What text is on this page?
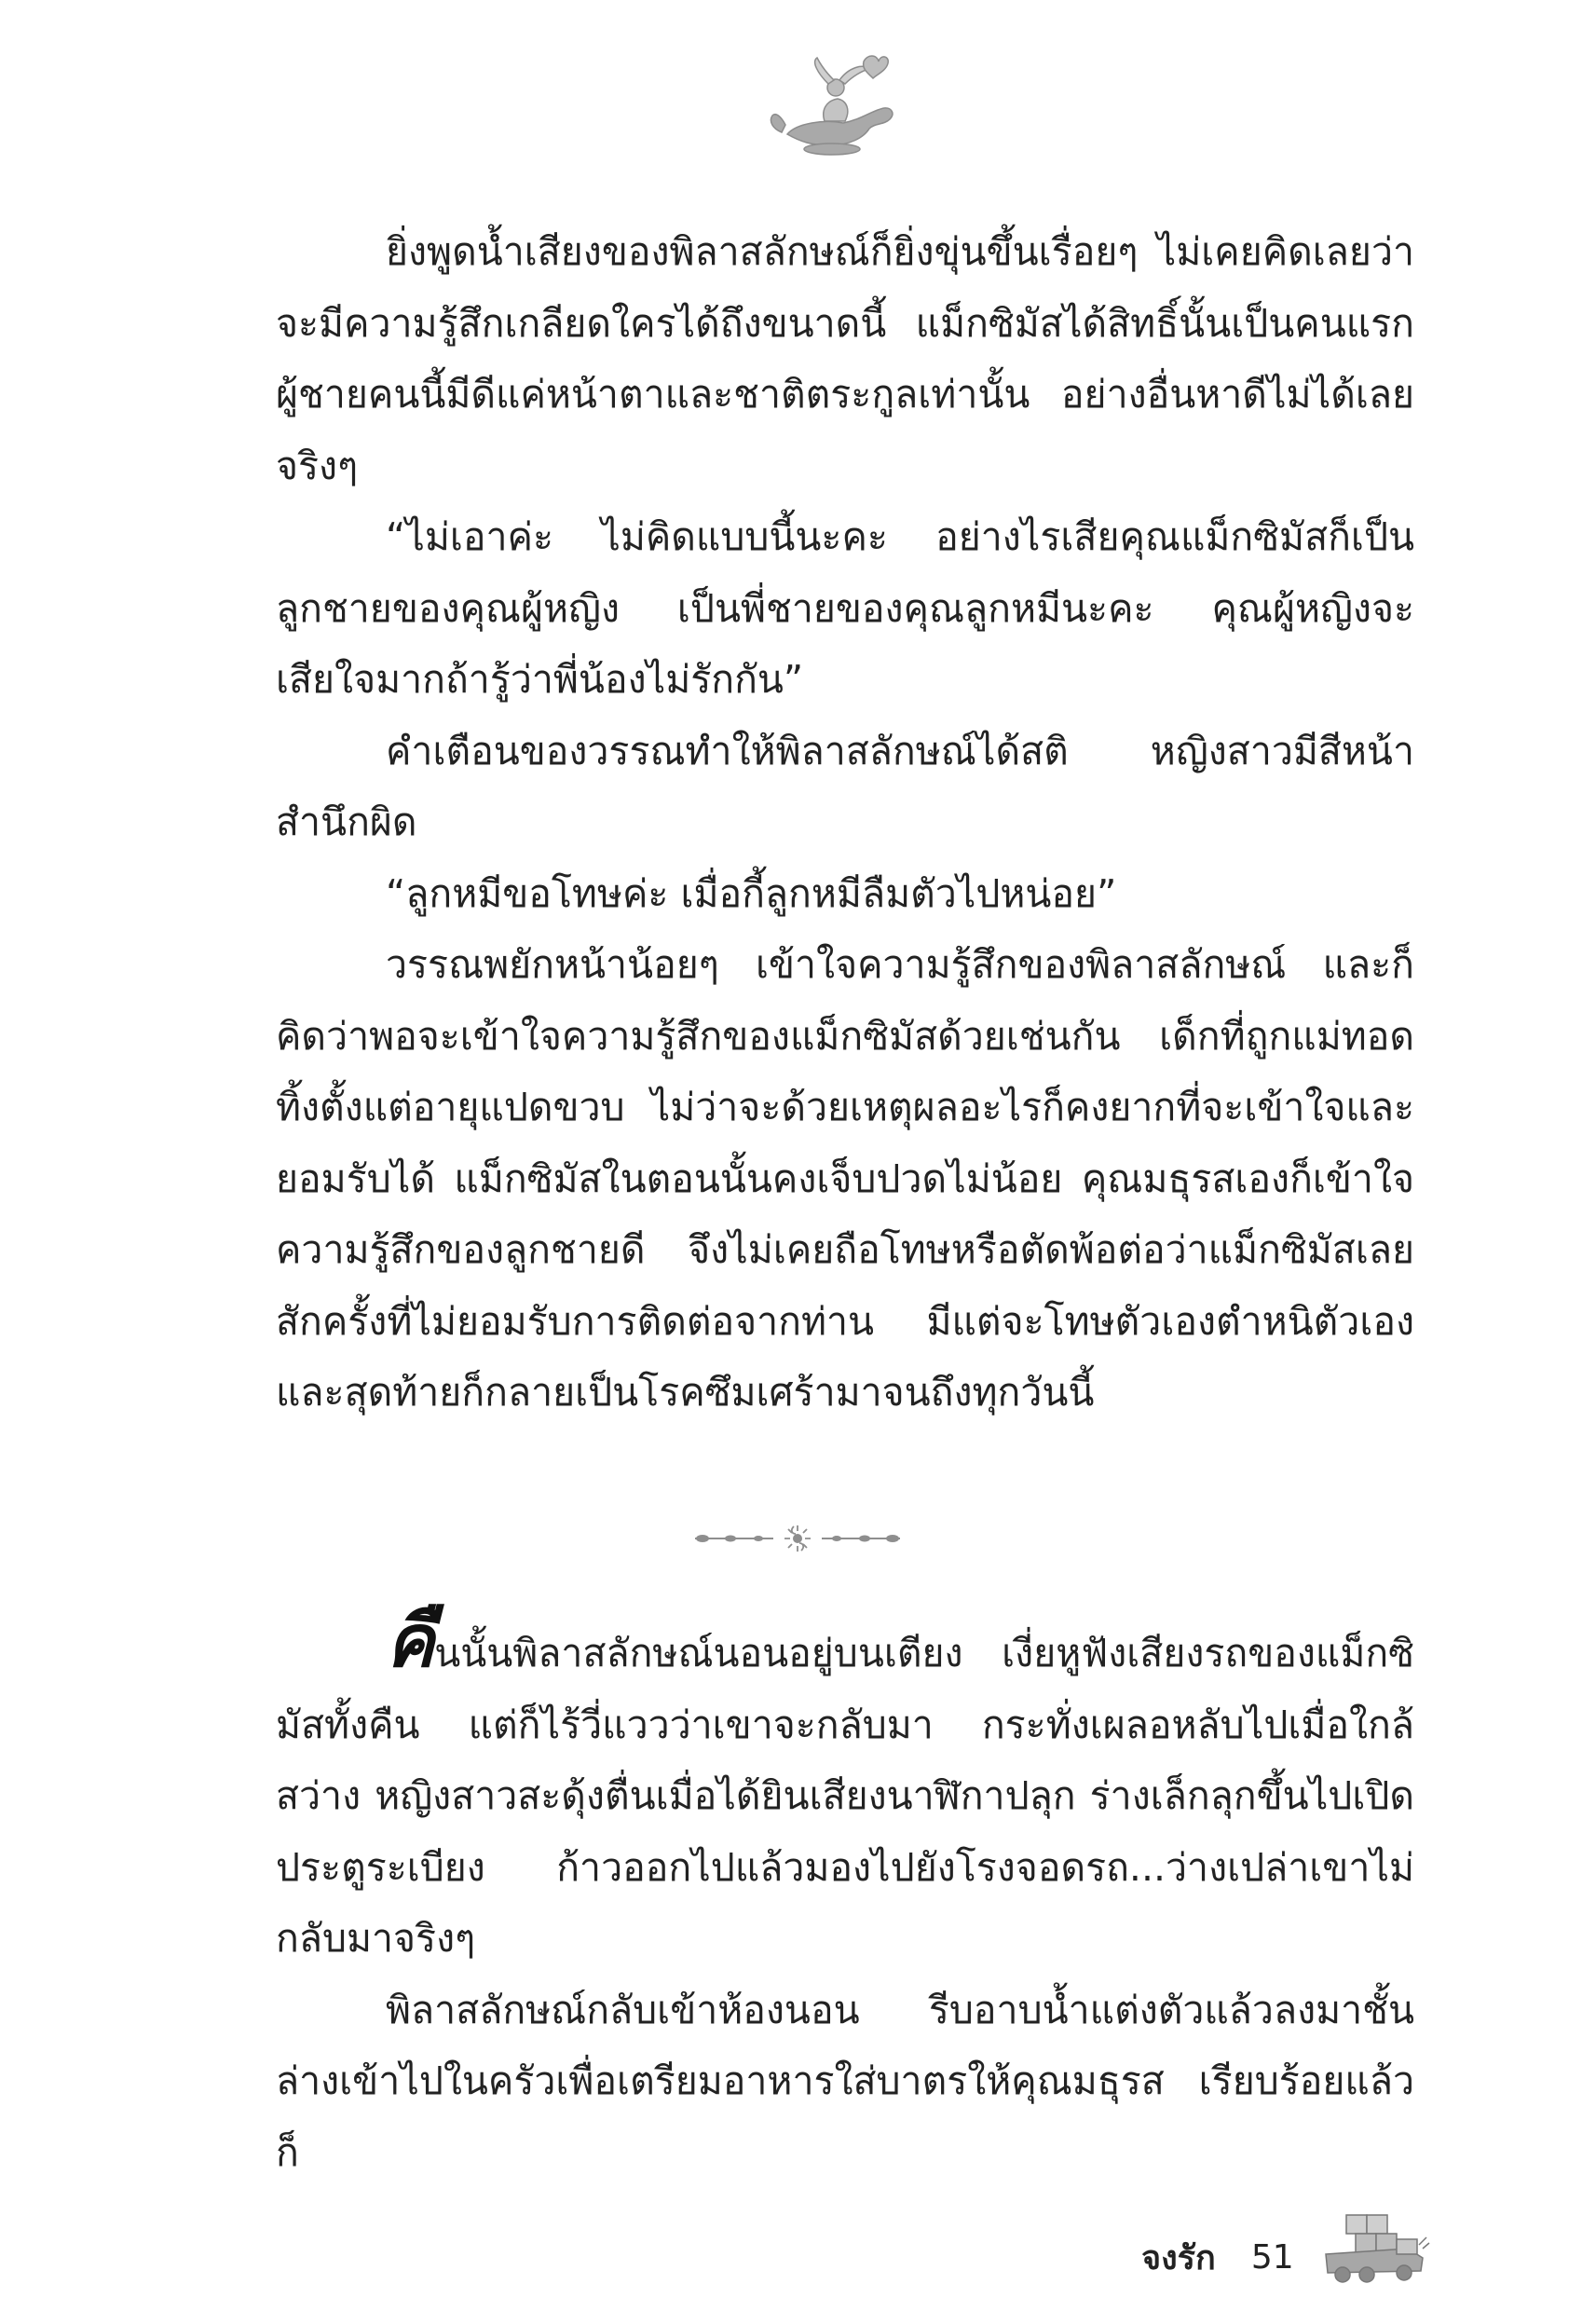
ยิ่งพูดน้ำเสียงของพิลาสลักษณ์ก็ยิ่งขุ่นขึ้นเรื่อยๆ ไม่เคยคิดเลยว่าจะมีความรู้สึกเกลียดใครได้ถึงขนาดนี้ แม็กซิมัสได้สิทธิ์นั้นเป็นคนแรก ผู้ชายคนนี้มีดีแค่หน้าตาและชาติตระกูลเท่านั้น อย่างอื่นหาดีไม่ได้เลยจริงๆ

“ไม่เอาค่ะ ไม่คิดแบบนี้นะคะ อย่างไรเสียคุณแม็กซิมัสก็เป็นลูกชายของคุณผู้หญิง เป็นพี่ชายของคุณลูกหมีนะคะ คุณผู้หญิงจะเสียใจมากถ้ารู้ว่าพี่น้องไม่รักกัน”

คำเตือนของวรรณทำให้พิลาสลักษณ์ได้สติ หญิงสาวมีสีหน้าสำนึกผิด

“ลูกหมีขอโทษค่ะ เมื่อกี้ลูกหมีลืมตัวไปหน่อย”

วรรณพยักหน้าน้อยๆ เข้าใจความรู้สึกของพิลาสลักษณ์ และก็คิดว่าพอจะเข้าใจความรู้สึกของแม็กซิมัสด้วยเช่นกัน เด็กที่ถูกแม่ทอดทิ้งตั้งแต่อายุแปดขวบ ไม่ว่าจะด้วยเหตุผลอะไรก็คงยากที่จะเข้าใจและยอมรับได้ แม็กซิมัสในตอนนั้นคงเจ็บปวดไม่น้อย คุณมธุรสเองก็เข้าใจความรู้สึกของลูกชายดี จึงไม่เคยถือโทษหรือตัดพ้อต่อว่าแม็กซิมัสเลยสักครั้งที่ไม่ยอมรับการติดต่อจากท่าน มีแต่จะโทษตัวเองตำหนิตัวเอง และสุดท้ายก็กลายเป็นโรคซึมเศร้ามาจนถึงทุกวันนี้

คืนนั้นพิลาสลักษณ์นอนอยู่บนเตียง เงี่ยหูฟังเสียงรถของแม็กซิมัสทั้งคืน แต่ก็ไร้วี่แววว่าเขาจะกลับมา กระทั่งเผลอหลับไปเมื่อใกล้สว่าง หญิงสาวสะดุ้งตื่นเมื่อได้ยินเสียงนาฬิกาปลุก ร่างเล็กลุกขึ้นไปเปิดประตูระเบียง ก้าวออกไปแล้วมองไปยังโรงจอดรถ...ว่างเปล่าเขาไม่กลับมาจริงๆ

พิลาสลักษณ์กลับเข้าห้องนอน รีบอาบน้ำแต่งตัวแล้วลงมาชั้นล่างเข้าไปในครัวเพื่อเตรียมอาหารใส่บาตรให้คุณมธุรส เรียบร้อยแล้วก็

จงรัก 51
